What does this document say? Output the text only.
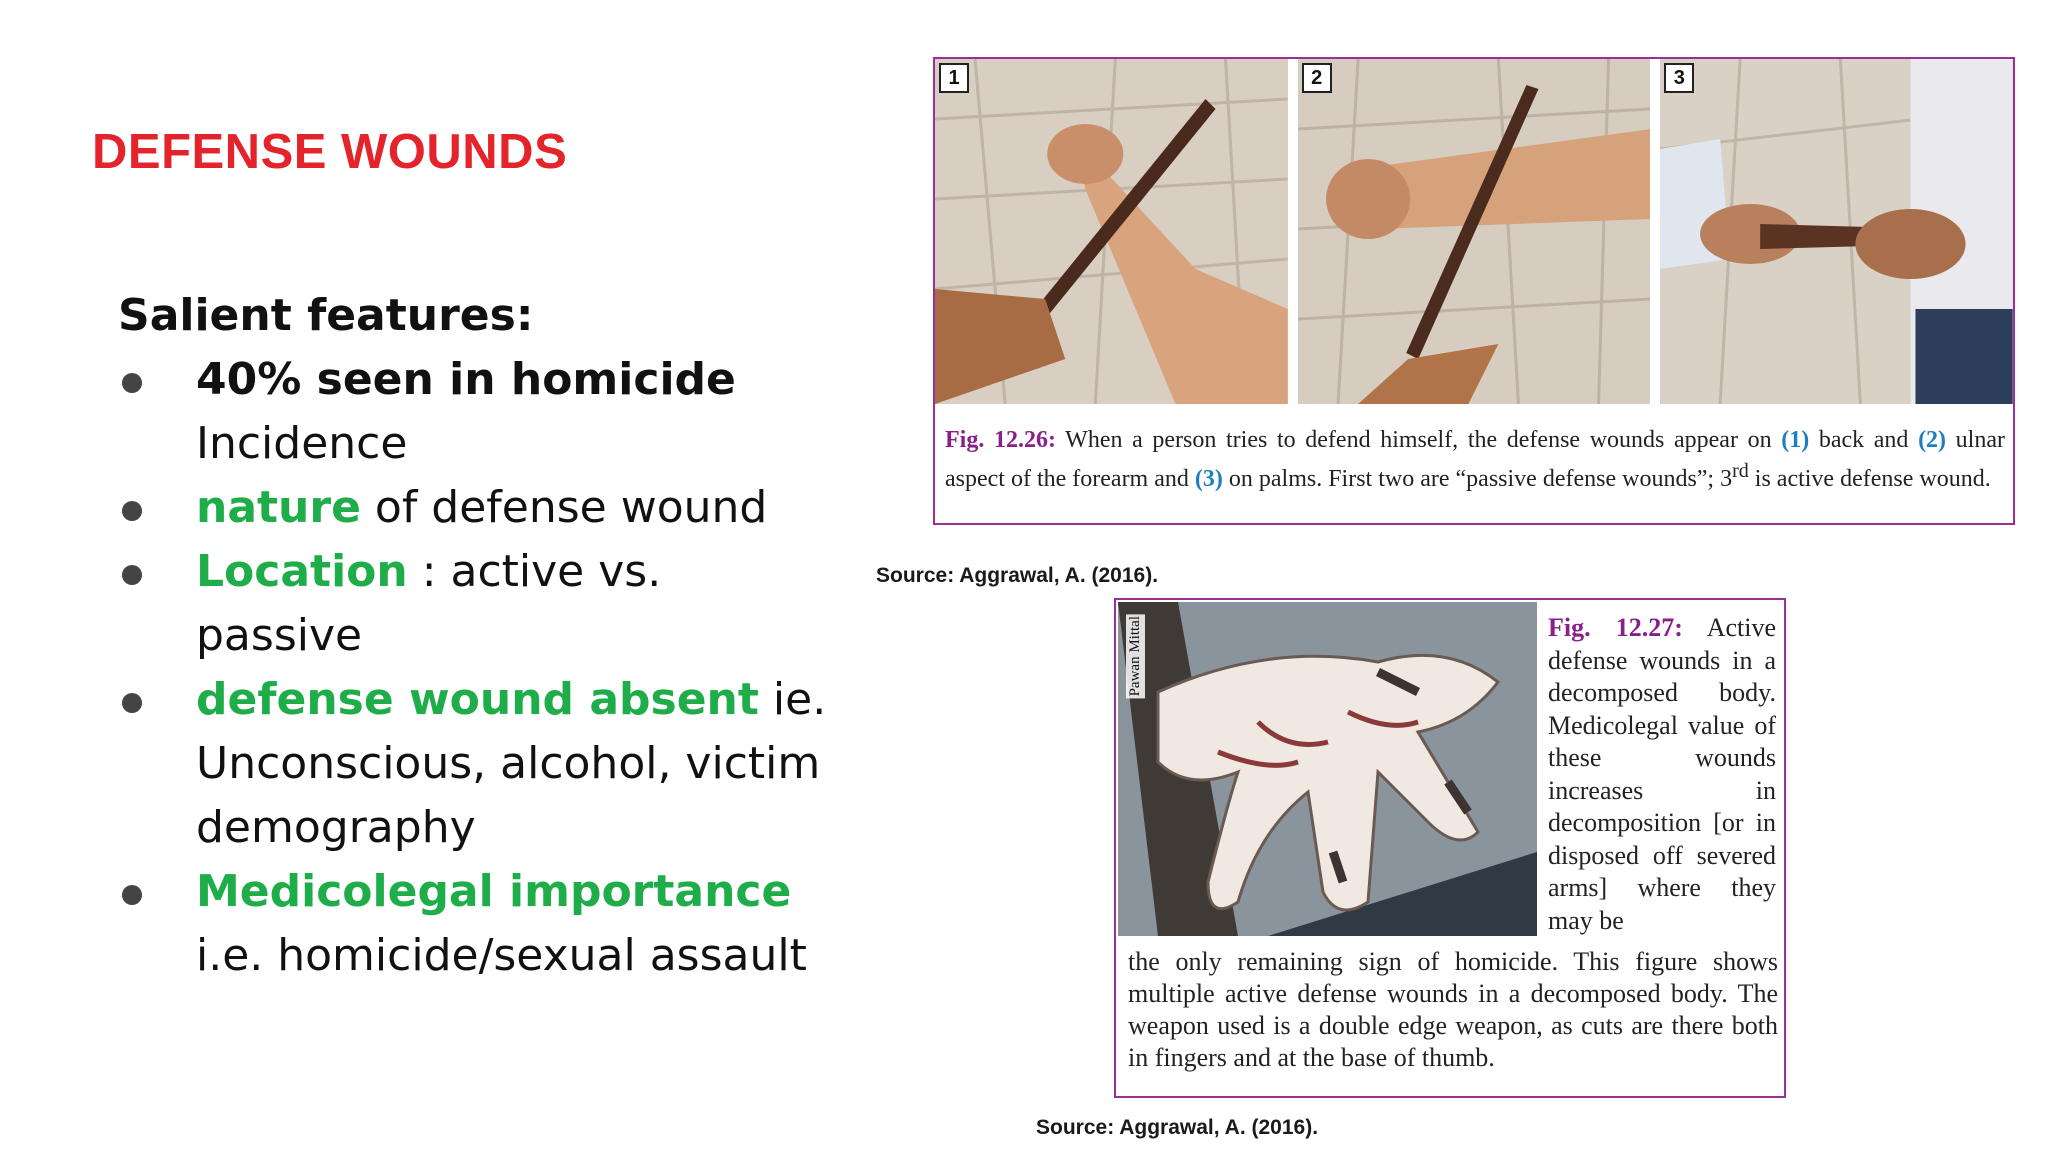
DEFENSE WOUNDS
Salient features:
40% seen in homicide
Incidence
nature of defense wound
Location : active vs. passive
defense wound absent ie. Unconscious, alcohol, victim demography
Medicolegal importance i.e. homicide/sexual assault
1	2	3
Fig. 12.26: When a person tries to defend himself, the defense wounds appear on (1) back and (2) ulnar aspect of the forearm and (3) on palms. First two are “passive defense wounds”; 3rd is active defense wound.
Source: Aggrawal, A. (2016).
Pawan Mittal	Fig. 12.27: Active defense wounds in a decomposed body. Medicolegal value of these wounds increases in decomposition [or in disposed off severed arms] where they may be
the only remaining sign of homicide. This figure shows multiple active defense wounds in a decomposed body. The weapon used is a double edge weapon, as cuts are there both in fingers and at the base of thumb.
Source: Aggrawal, A. (2016).
